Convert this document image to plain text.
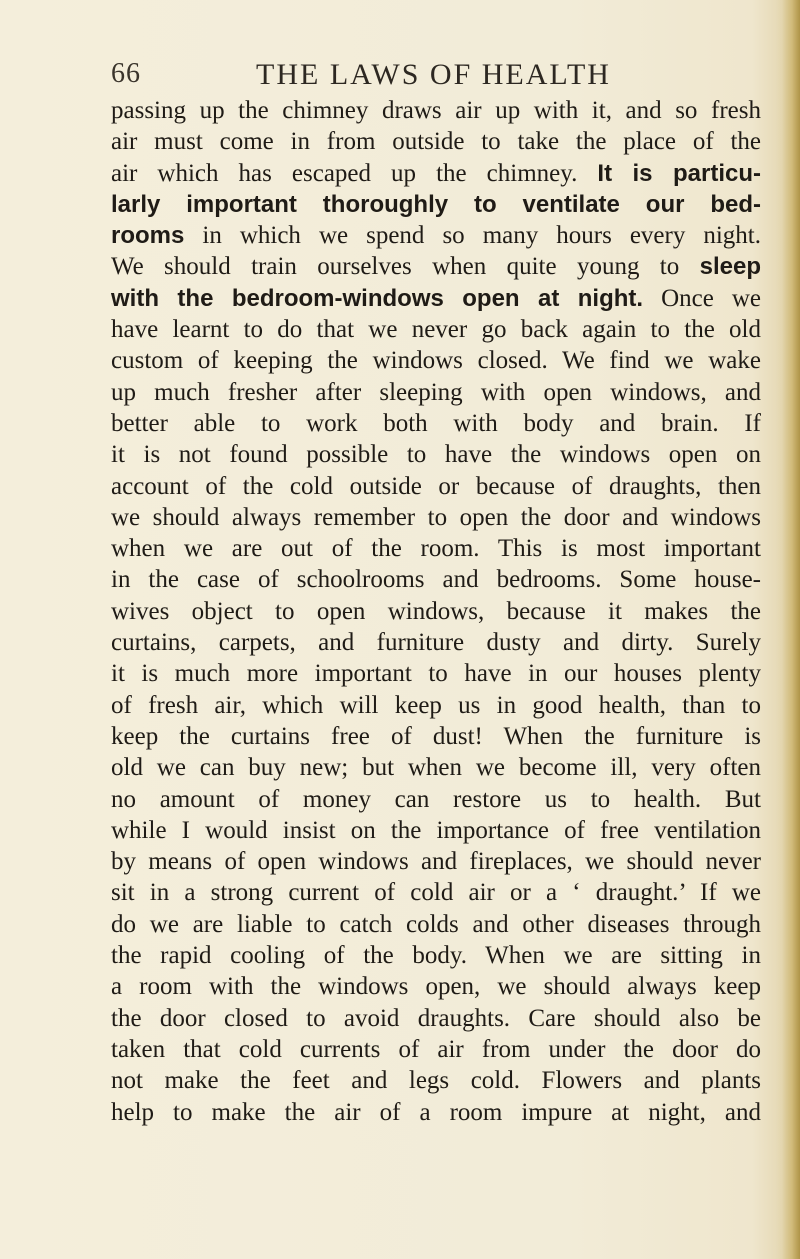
66	THE LAWS OF HEALTH
passing up the chimney draws air up with it, and so fresh
air must come in from outside to take the place of the
air which has escaped up the chimney. It is particu-
larly important thoroughly to ventilate our bed-
rooms in which we spend so many hours every night.
We should train ourselves when quite young to sleep
with the bedroom-windows open at night. Once we
have learnt to do that we never go back again to the old
custom of keeping the windows closed. We find we wake
up much fresher after sleeping with open windows, and
better able to work both with body and brain. If
it is not found possible to have the windows open on
account of the cold outside or because of draughts, then
we should always remember to open the door and windows
when we are out of the room. This is most important
in the case of schoolrooms and bedrooms. Some house-
wives object to open windows, because it makes the
curtains, carpets, and furniture dusty and dirty. Surely
it is much more important to have in our houses plenty
of fresh air, which will keep us in good health, than to
keep the curtains free of dust! When the furniture is
old we can buy new; but when we become ill, very often
no amount of money can restore us to health. But
while I would insist on the importance of free ventilation
by means of open windows and fireplaces, we should never
sit in a strong current of cold air or a ‘ draught.’ If we
do we are liable to catch colds and other diseases through
the rapid cooling of the body. When we are sitting in
a room with the windows open, we should always keep
the door closed to avoid draughts. Care should also be
taken that cold currents of air from under the door do
not make the feet and legs cold. Flowers and plants
help to make the air of a room impure at night, and
